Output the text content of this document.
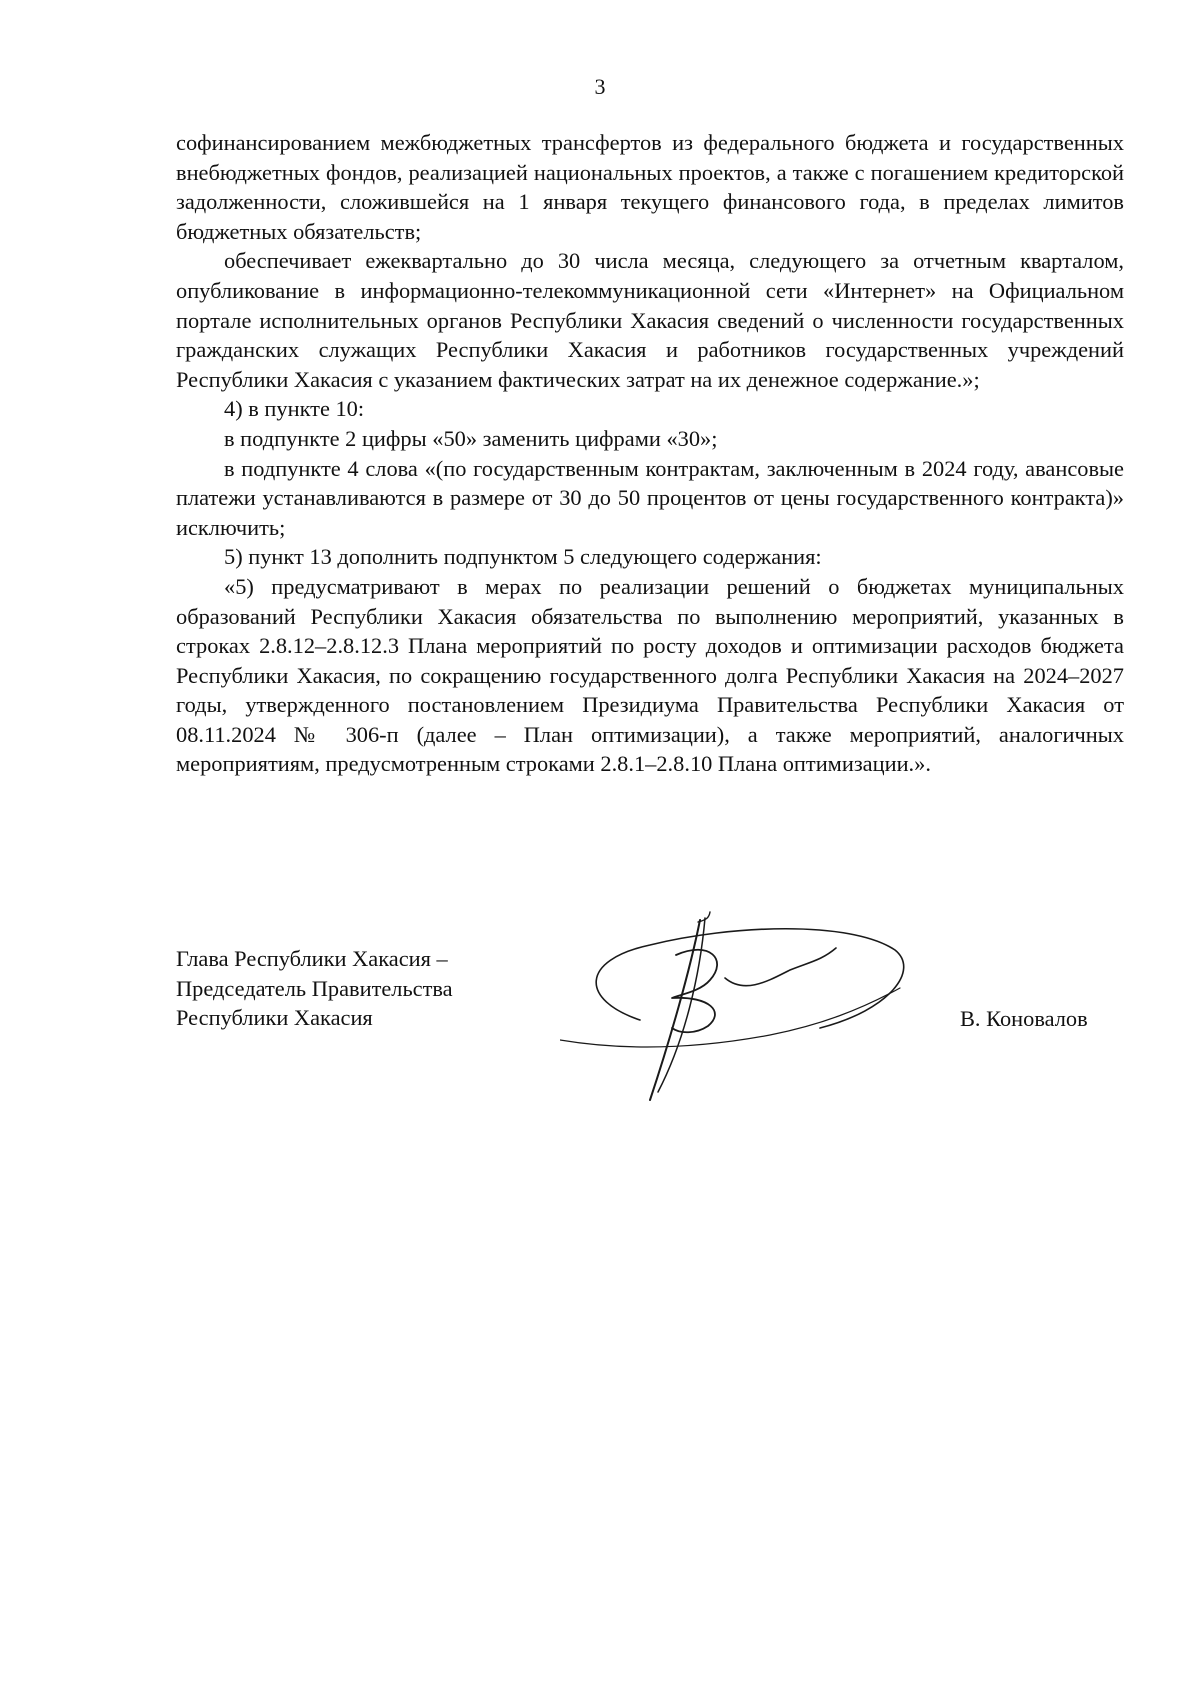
3

софинансированием межбюджетных трансфертов из федерального бюджета и государственных внебюджетных фондов, реализацией национальных проектов, а также с погашением кредиторской задолженности, сложившейся на 1 января текущего финансового года, в пределах лимитов бюджетных обязательств;

обеспечивает ежеквартально до 30 числа месяца, следующего за отчетным кварталом, опубликование в информационно-телекоммуникационной сети «Интернет» на Официальном портале исполнительных органов Республики Хакасия сведений о численности государственных гражданских служащих Республики Хакасия и работников государственных учреждений Республики Хакасия с указанием фактических затрат на их денежное содержание.»;

4) в пункте 10:

в подпункте 2 цифры «50» заменить цифрами «30»;

в подпункте 4 слова «(по государственным контрактам, заключенным в 2024 году, авансовые платежи устанавливаются в размере от 30 до 50 процентов от цены государственного контракта)» исключить;

5) пункт 13 дополнить подпунктом 5 следующего содержания:

«5) предусматривают в мерах по реализации решений о бюджетах муниципальных образований Республики Хакасия обязательства по выполнению мероприятий, указанных в строках 2.8.12–2.8.12.3 Плана мероприятий по росту доходов и оптимизации расходов бюджета Республики Хакасия, по сокращению государственного долга Республики Хакасия на 2024–2027 годы, утвержденного постановлением Президиума Правительства Республики Хакасия от 08.11.2024 № 306-п (далее – План оптимизации), а также мероприятий, аналогичных мероприятиям, предусмотренным строками 2.8.1–2.8.10 Плана оптимизации.».

Глава Республики Хакасия –
Председатель Правительства
Республики Хакасия	В. Коновалов
